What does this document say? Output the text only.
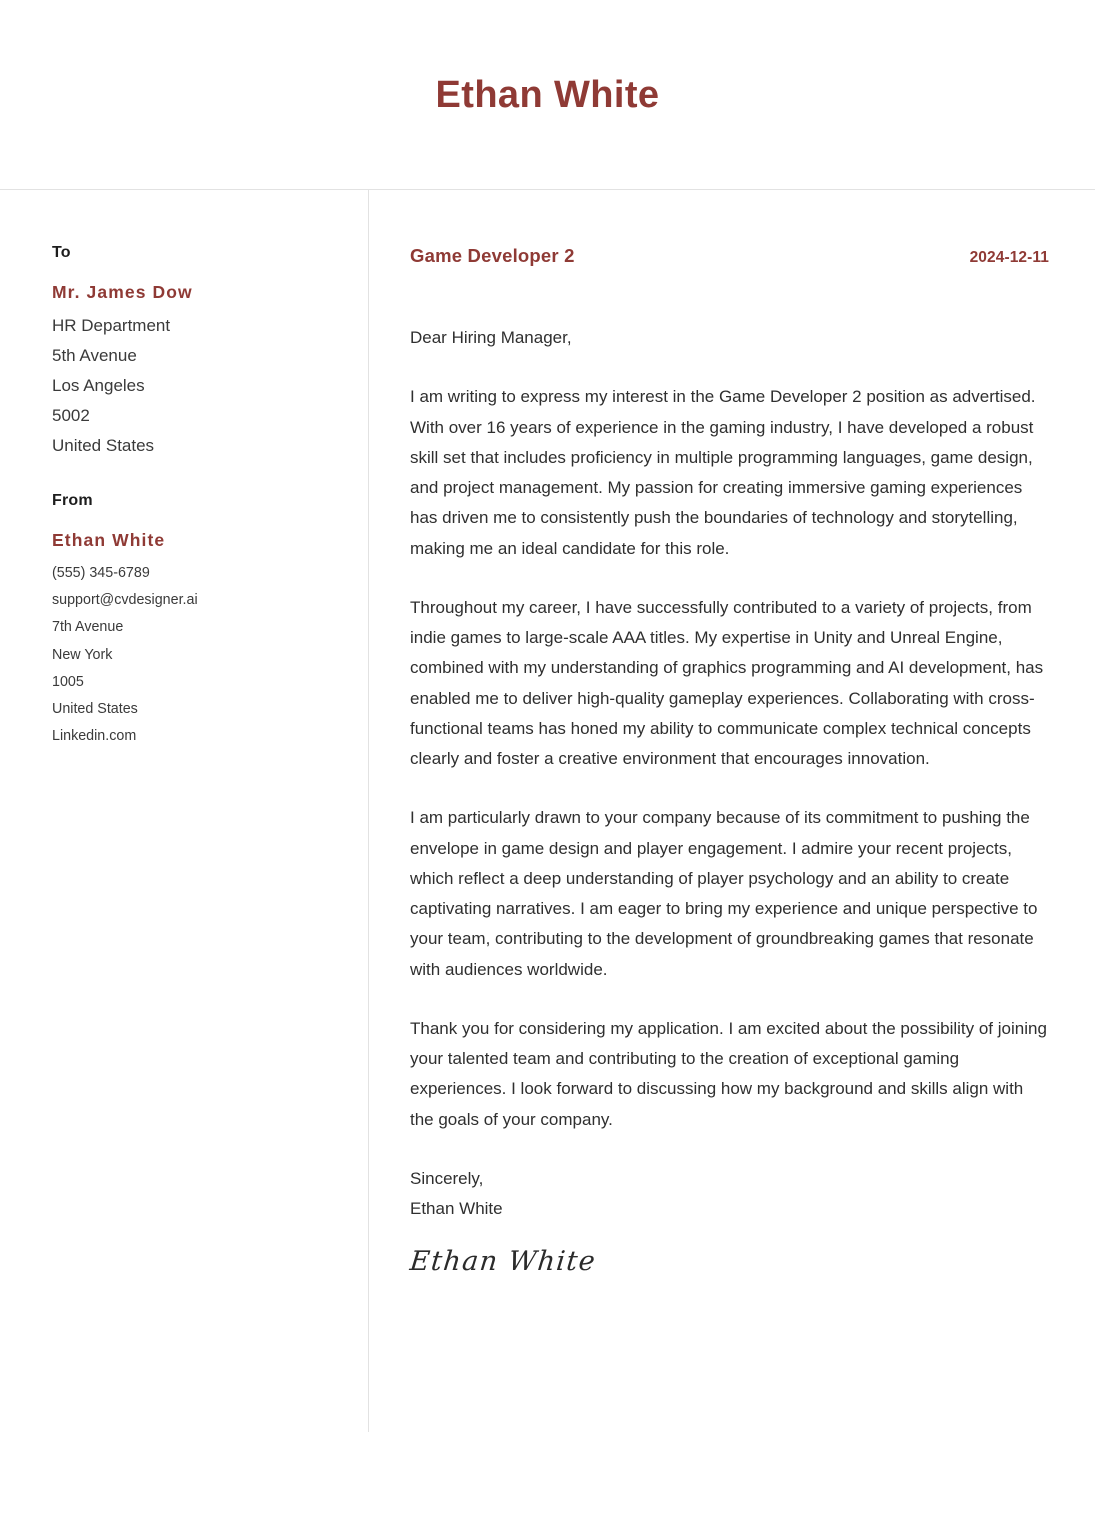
Ethan White
To
Mr. James Dow
HR Department
5th Avenue
Los Angeles
5002
United States
From
Ethan White
(555) 345-6789
support@cvdesigner.ai
7th Avenue
New York
1005
United States
Linkedin.com
Game Developer 2	2024-12-11

Dear Hiring Manager,

I am writing to express my interest in the Game Developer 2 position as advertised. With over 16 years of experience in the gaming industry, I have developed a robust skill set that includes proficiency in multiple programming languages, game design, and project management. My passion for creating immersive gaming experiences has driven me to consistently push the boundaries of technology and storytelling, making me an ideal candidate for this role.

Throughout my career, I have successfully contributed to a variety of projects, from indie games to large-scale AAA titles. My expertise in Unity and Unreal Engine, combined with my understanding of graphics programming and AI development, has enabled me to deliver high-quality gameplay experiences. Collaborating with cross-functional teams has honed my ability to communicate complex technical concepts clearly and foster a creative environment that encourages innovation.

I am particularly drawn to your company because of its commitment to pushing the envelope in game design and player engagement. I admire your recent projects, which reflect a deep understanding of player psychology and an ability to create captivating narratives. I am eager to bring my experience and unique perspective to your team, contributing to the development of groundbreaking games that resonate with audiences worldwide.

Thank you for considering my application. I am excited about the possibility of joining your talented team and contributing to the creation of exceptional gaming experiences. I look forward to discussing how my background and skills align with the goals of your company.

Sincerely,
Ethan White
Ethan White
